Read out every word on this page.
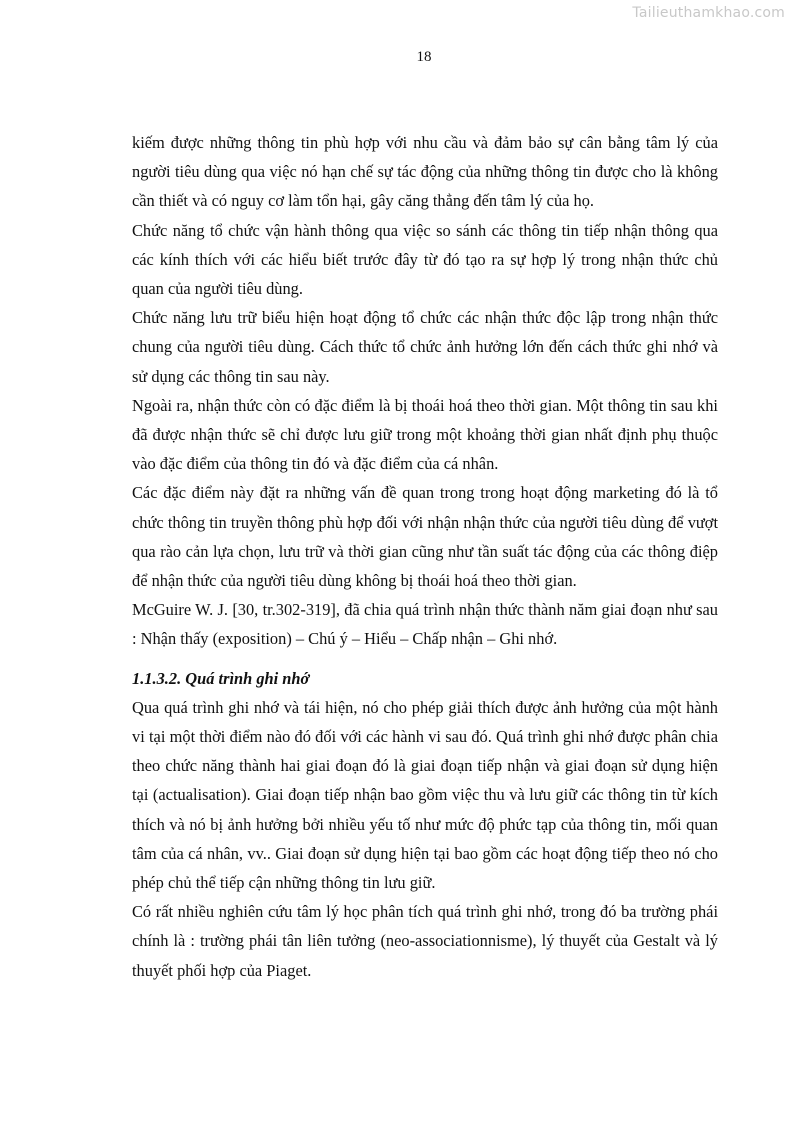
Tailieuthamkhao.com
18

kiếm được những thông tin phù hợp với nhu cầu và đảm bảo sự cân bằng tâm lý của người tiêu dùng qua việc nó hạn chế sự tác động của những thông tin được cho là không cần thiết và có nguy cơ làm tổn hại, gây căng thẳng đến tâm lý của họ.

Chức năng tổ chức vận hành thông qua việc so sánh các thông tin tiếp nhận thông qua các kính thích với các hiểu biết trước đây từ đó tạo ra sự hợp lý trong nhận thức chủ quan của người tiêu dùng.

Chức năng lưu trữ biểu hiện hoạt động tổ chức các nhận thức độc lập trong nhận thức chung của người tiêu dùng. Cách thức tổ chức ảnh hưởng lớn đến cách thức ghi nhớ và sử dụng các thông tin sau này.

Ngoài ra, nhận thức còn có đặc điểm là bị thoái hoá theo thời gian. Một thông tin sau khi đã được nhận thức sẽ chỉ được lưu giữ trong một khoảng thời gian nhất định phụ thuộc vào đặc điểm của thông tin đó và đặc điểm của cá nhân.

Các đặc điểm này đặt ra những vấn đề quan trong trong hoạt động marketing đó là tổ chức thông tin truyền thông phù hợp đối với nhận nhận thức của người tiêu dùng để vượt qua rào cản lựa chọn, lưu trữ và thời gian cũng như tần suất tác động của các thông điệp để nhận thức của người tiêu dùng không bị thoái hoá theo thời gian.

McGuire W. J. [30, tr.302-319], đã chia quá trình nhận thức thành năm giai đoạn như sau : Nhận thấy (exposition) – Chú ý – Hiểu – Chấp nhận – Ghi nhớ.

1.1.3.2. Quá trình ghi nhớ

Qua quá trình ghi nhớ và tái hiện, nó cho phép giải thích được ảnh hưởng của một hành vi tại một thời điểm nào đó đối với các hành vi sau đó. Quá trình ghi nhớ được phân chia theo chức năng thành hai giai đoạn đó là giai đoạn tiếp nhận và giai đoạn sử dụng hiện tại (actualisation). Giai đoạn tiếp nhận bao gồm việc thu và lưu giữ các thông tin từ kích thích và nó bị ảnh hưởng bởi nhiều yếu tố như mức độ phức tạp của thông tin, mối quan tâm của cá nhân, vv.. Giai đoạn sử dụng hiện tại bao gồm các hoạt động tiếp theo nó cho phép chủ thể tiếp cận những thông tin lưu giữ.

Có rất nhiều nghiên cứu tâm lý học phân tích quá trình ghi nhớ, trong đó ba trường phái chính là : trường phái tân liên tưởng (neo-associationnisme), lý thuyết của Gestalt và lý thuyết phối hợp của Piaget.
